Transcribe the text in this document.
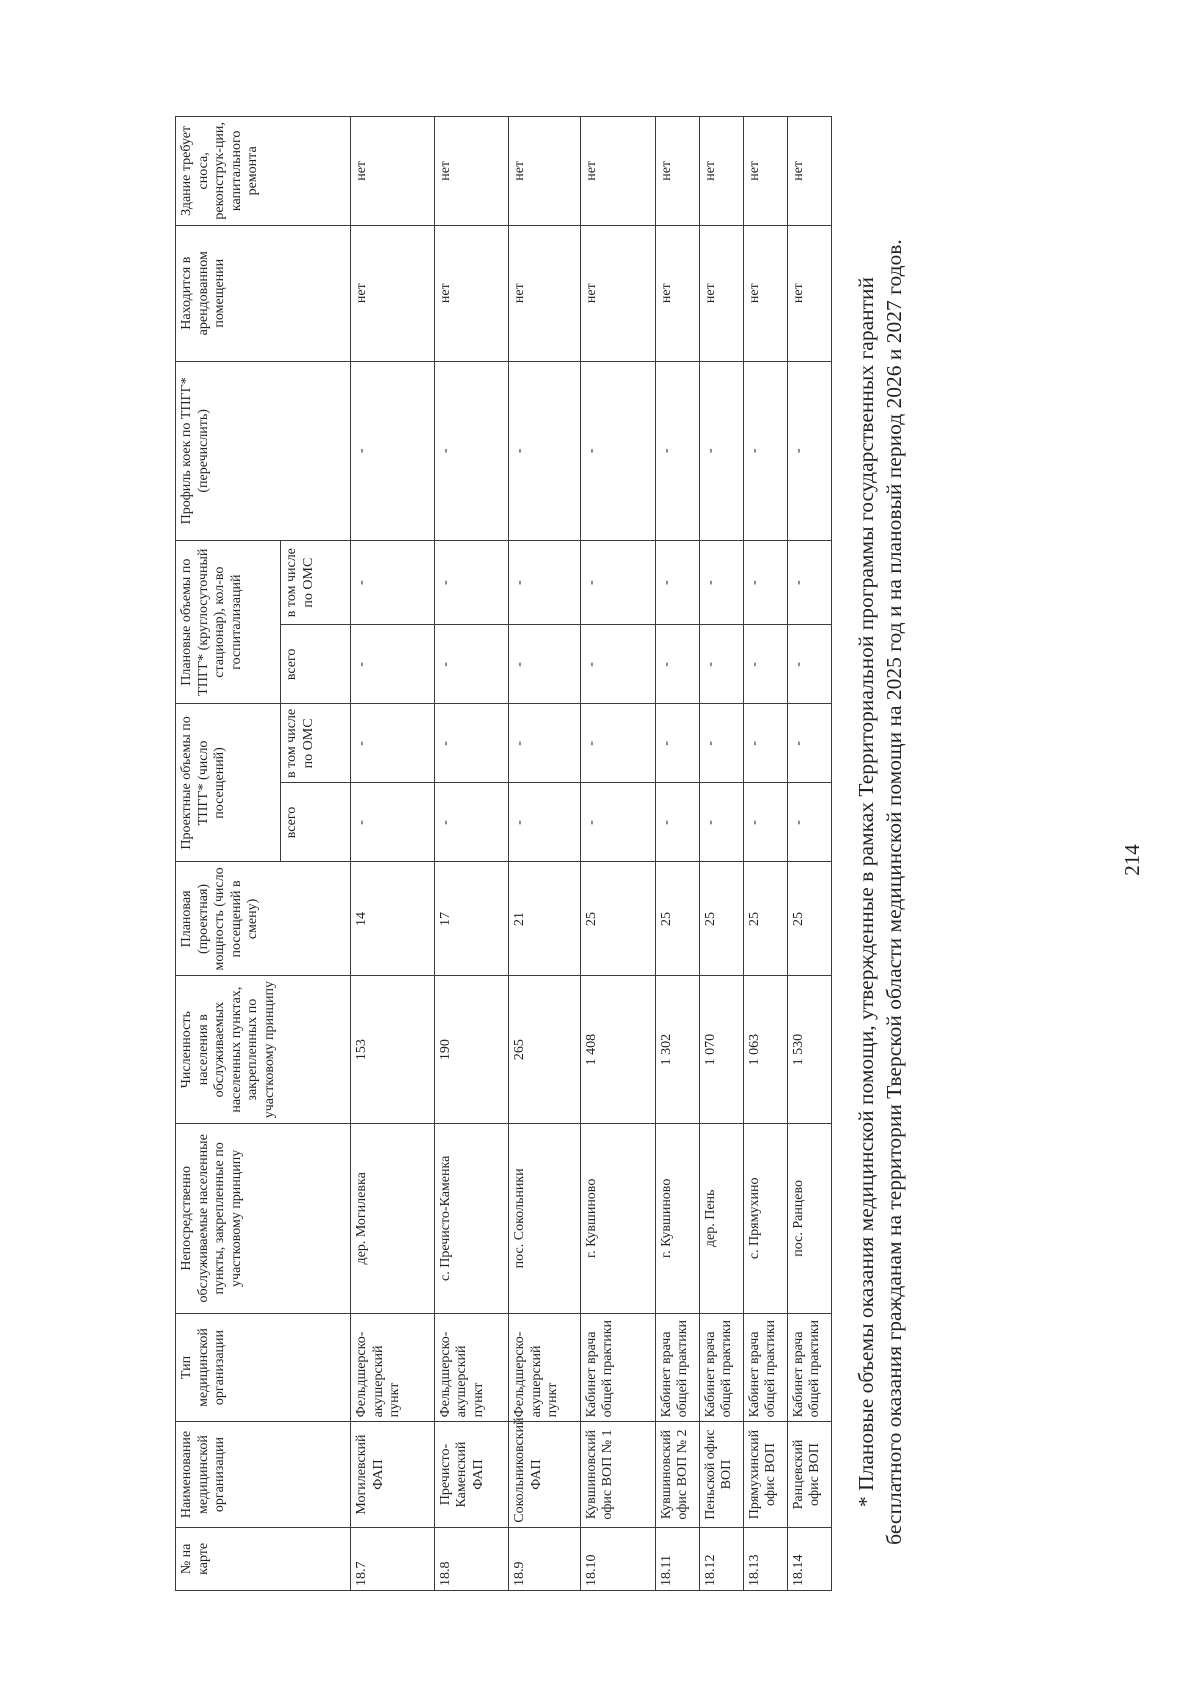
214
№ на карте	Наименование медицинской организации	Тип медицинской организации	Непосредственно обслуживаемые населенные пункты, закрепленные по участковому принципу	Численность населения в обслуживаемых населенных пунктах, закрепленных по участковому принципу	Плановая (проектная) мощность (число посещений в смену)	Проектные объемы по ТПГГ* (число посещений)		Плановые объемы по ТПГГ* (круглосуточный стационар), кол-во госпитализаций		Профиль коек по ТПГГ* (перечислить)	Находится в арендованном помещении	Здание требует сноса, реконструк-ции, капитального ремонта
						всего	в том числе по ОМС	всего	в том числе по ОМС			
18.7	Могилевский ФАП	Фельдшерско-акушерский пункт	дер. Могилевка	153	14	-	-	-	-	-	нет	нет
18.8	Пречисто-Каменский ФАП	Фельдшерско-акушерский пункт	с. Пречисто-Каменка	190	17	-	-	-	-	-	нет	нет
18.9	Сокольниковский ФАП	Фельдшерско-акушерский пункт	пос. Сокольники	265	21	-	-	-	-	-	нет	нет
18.10	Кувшиновский офис ВОП № 1	Кабинет врача общей практики	г. Кувшиново	1 408	25	-	-	-	-	-	нет	нет
18.11	Кувшиновский офис ВОП № 2	Кабинет врача общей практики	г. Кувшиново	1 302	25	-	-	-	-	-	нет	нет
18.12	Пеньской офис ВОП	Кабинет врача общей практики	дер. Пень	1 070	25	-	-	-	-	-	нет	нет
18.13	Прямухинский офис ВОП	Кабинет врача общей практики	с. Прямухино	1 063	25	-	-	-	-	-	нет	нет
18.14	Ранцевский офис ВОП	Кабинет врача общей практики	пос. Ранцево	1 530	25	-	-	-	-	-	нет	нет

* Плановые объемы оказания медицинской помощи, утвержденные в рамках Территориальной программы государственных гарантий бесплатного оказания гражданам на территории Тверской области медицинской помощи на 2025 год и на плановый период 2026 и 2027 годов.
